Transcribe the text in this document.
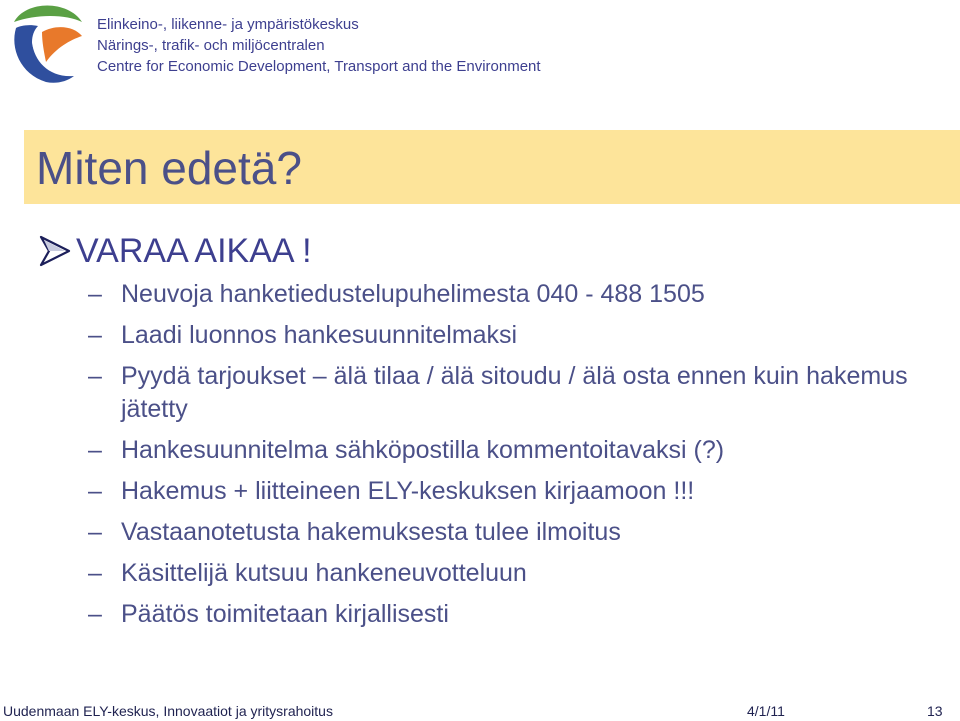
Elinkeino-, liikenne- ja ympäristökeskus
Närings-, trafik- och miljöcentralen
Centre for Economic Development, Transport and the Environment
Miten edetä?
VARAA AIKAA !
– Neuvoja hanketiedustelupuhelimesta 040 - 488 1505
– Laadi luonnos hankesuunnitelmaksi
– Pyydä tarjoukset – älä tilaa / älä sitoudu / älä osta ennen kuin hakemus jätetty
– Hankesuunnitelma sähköpostilla kommentoitavaksi (?)
– Hakemus + liitteineen ELY-keskuksen kirjaamoon !!!
– Vastaanotetusta hakemuksesta tulee ilmoitus
– Käsittelijä kutsuu hankeneuvotteluun
– Päätös toimitetaan kirjallisesti
Uudenmaan ELY-keskus, Innovaatiot ja yritysrahoitus	4/1/11	13
